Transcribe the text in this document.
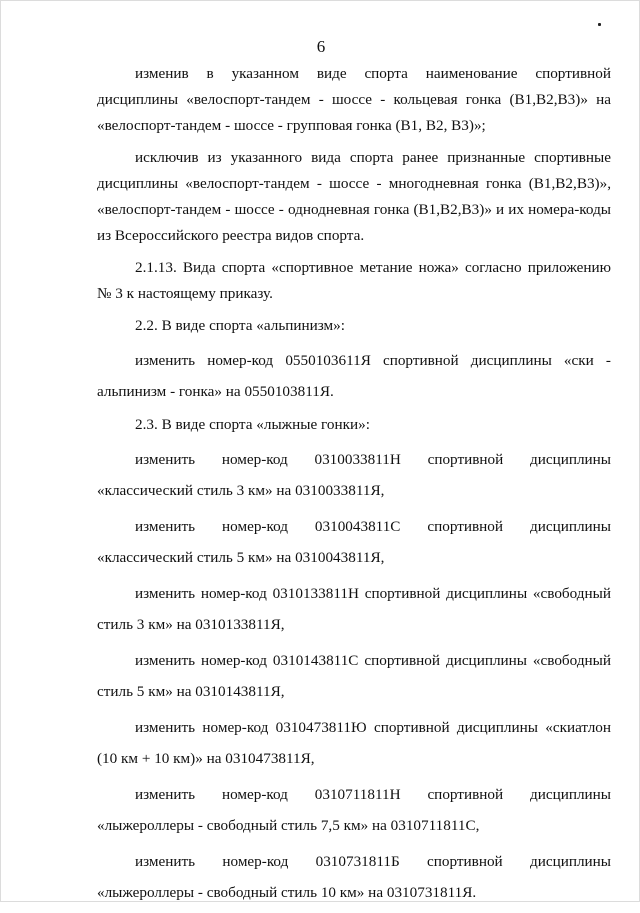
6

изменив в указанном виде спорта наименование спортивной дисциплины «велоспорт-тандем - шоссе - кольцевая гонка (В1,В2,В3)» на «велоспорт-тандем - шоссе - групповая гонка (В1, В2, В3)»;

исключив из указанного вида спорта ранее признанные спортивные дисциплины «велоспорт-тандем - шоссе - многодневная гонка (В1,В2,В3)», «велоспорт-тандем - шоссе - однодневная гонка (В1,В2,В3)» и их номера-коды из Всероссийского реестра видов спорта.

2.1.13. Вида спорта «спортивное метание ножа» согласно приложению № 3 к настоящему приказу.

2.2. В виде спорта «альпинизм»:

изменить номер-код 0550103611Я спортивной дисциплины «ски - альпинизм - гонка» на 0550103811Я.

2.3. В виде спорта «лыжные гонки»:

изменить номер-код 0310033811Н спортивной дисциплины «классический стиль 3 км» на 0310033811Я,

изменить номер-код 0310043811С спортивной дисциплины «классический стиль 5 км» на 0310043811Я,

изменить номер-код 0310133811Н спортивной дисциплины «свободный стиль 3 км» на 0310133811Я,

изменить номер-код 0310143811С спортивной дисциплины «свободный стиль 5 км» на 0310143811Я,

изменить номер-код 0310473811Ю спортивной дисциплины «скиатлон (10 км + 10 км)» на 0310473811Я,

изменить номер-код 0310711811Н спортивной дисциплины «лыжероллеры - свободный стиль 7,5 км» на 0310711811С,

изменить номер-код 0310731811Б спортивной дисциплины «лыжероллеры - свободный стиль 10 км» на 0310731811Я.
